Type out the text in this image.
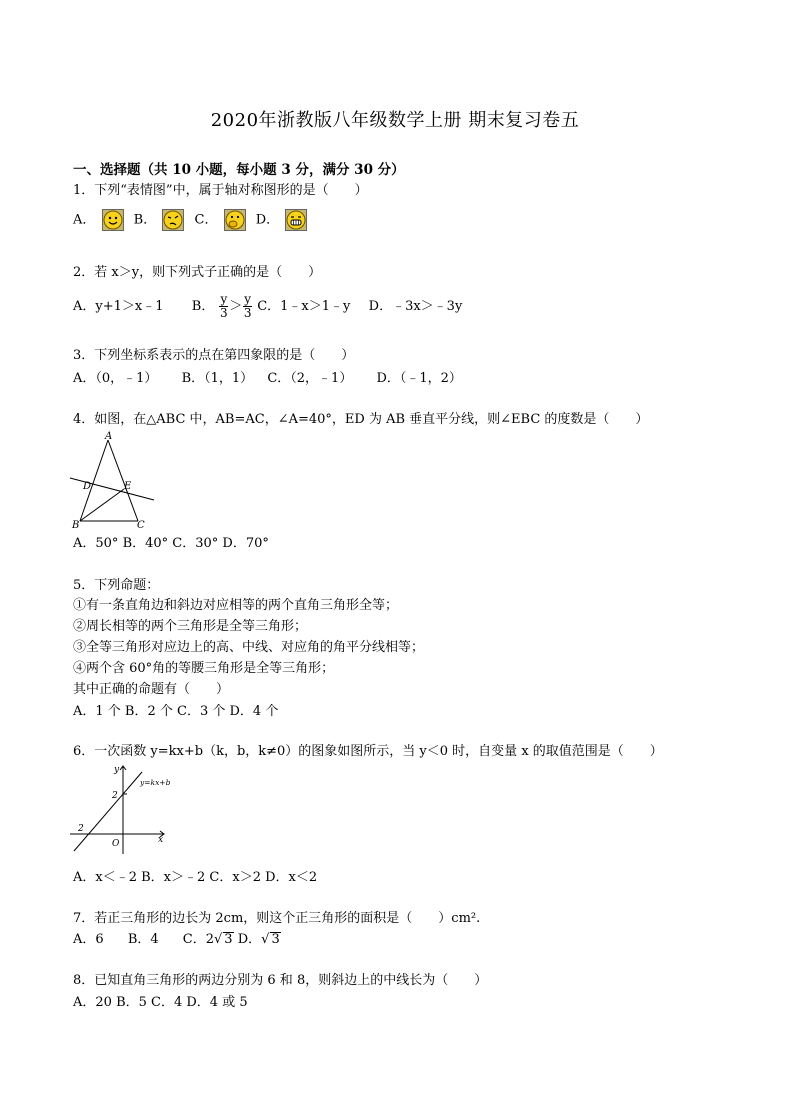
2020年浙教版八年级数学上册 期末复习卷五
一、选择题（共 10 小题，每小题 3 分，满分 30 分）
1．下列“表情图”中，属于轴对称图形的是（　　）
A．	B．	C．	D．
2．若 x＞y，则下列式子正确的是（　　）
A．y+1＞x﹣1 B． $\frac{y}{3} > \frac{y}{3}$ C．1﹣x＞1﹣y D．﹣3x＞﹣3y
3．下列坐标系表示的点在第四象限的是（　　）
A．（0，﹣1） B．（1，1） C．（2，﹣1） D．（﹣1，2）
4．如图，在△ABC 中，AB=AC，∠A=40°，ED 为 AB 垂直平分线，则∠EBC 的度数是（　　）
A
D	E
B	C
A．50° B．40° C．30° D．70°
5．下列命题：
①有一条直角边和斜边对应相等的两个直角三角形全等；
②周长相等的两个三角形是全等三角形；
③全等三角形对应边上的高、中线、对应角的角平分线相等；
④两个含 60°角的等腰三角形是全等三角形；
其中正确的命题有（　　）
A．1 个 B．2 个 C．3 个 D．4 个
6．一次函数 y=kx+b（k，b，k≠0）的图象如图所示，当 y＜0 时，自变量 x 的取值范围是（　　）
y
x
O
2
2
y=kx+b
A．x＜﹣2 B．x＞﹣2 C．x＞2 D．x＜2
7．若正三角形的边长为 2cm，则这个正三角形的面积是（　　）cm².
A．6 B．4 C．2√ 3 D．√ 3
8．已知直角三角形的两边分别为 6 和 8，则斜边上的中线长为（　　）
A．20 B．5 C．4 D．4 或 5
